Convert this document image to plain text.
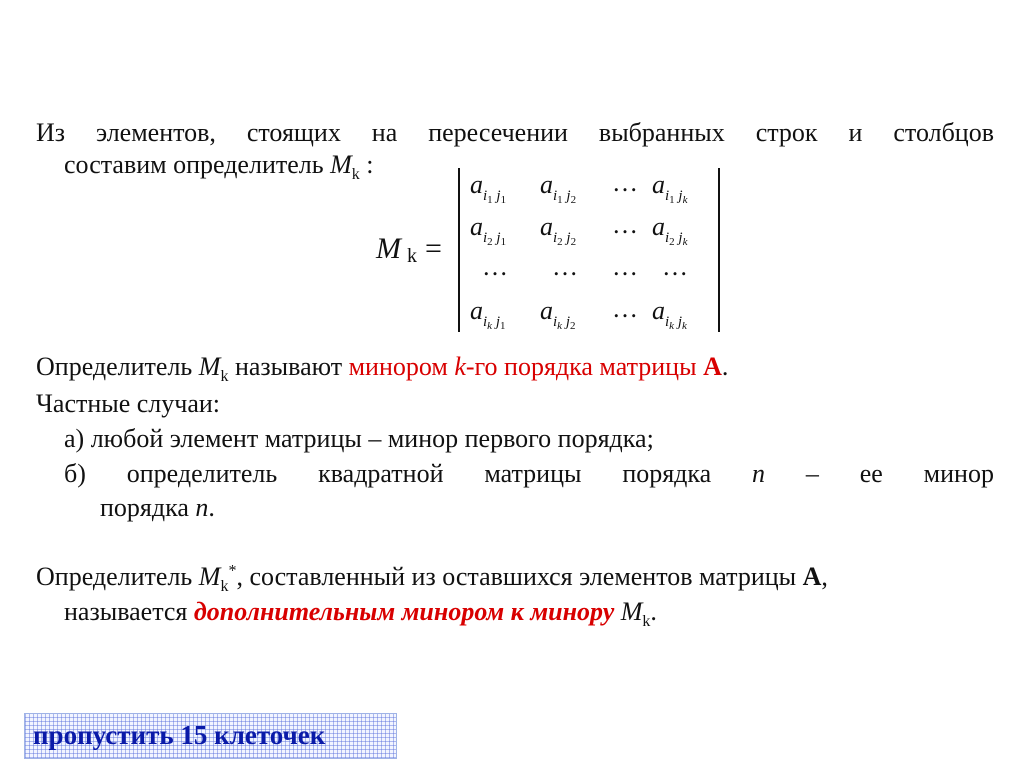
Из элементов, стоящих на пересечении выбранных строк и столбцов
составим определитель $M_k$ :
Mk =
$a_{i1}$ $_{j1}$
$a_{i1}$ $_{j2}$
… $a_{i1}$ $_{jk}$
$a_{i2}$ $_{j1}$
$a_{i2}$ $_{j2}$
… $a_{i2}$ $_{jk}$
… … … …
$a_{ik}$ $_{j1}$
$a_{ik}$ $_{j2}$
… $a_{ik}$ $_{jk}$
Определитель $M_k$ называют минором k-го порядка матрицы А.
Частные случаи:
а) любой элемент матрицы – минор первого порядка;
б) определитель квадратной матрицы порядка n – ее минор
порядка n.
Определитель $M_k^*$, составленный из оставшихся элементов матрицы А,
называется дополнительным минором к минору $M_k$.
пропустить 15 клеточек
